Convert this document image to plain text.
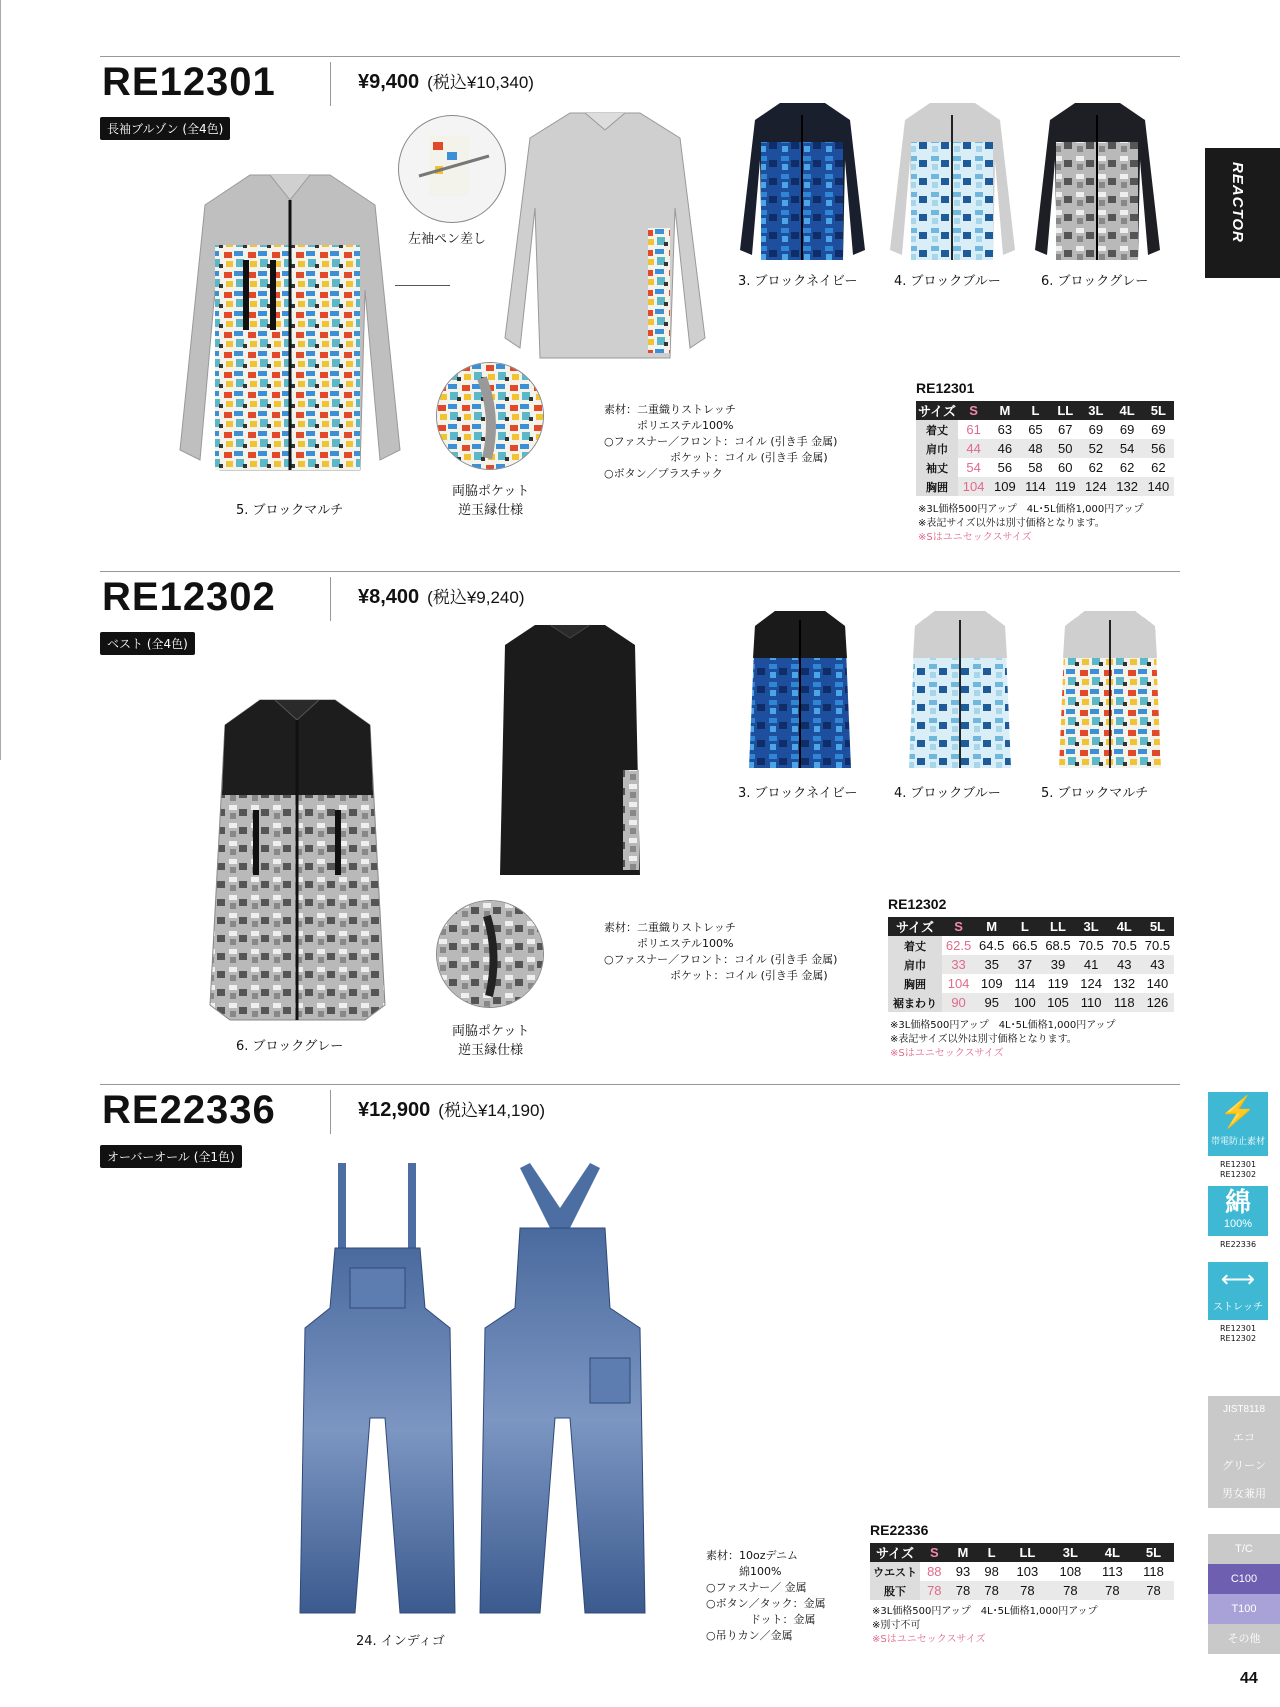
RE12301	¥9,400 (税込¥10,340)
長袖ブルゾン (全4色)
5. ブロックマルチ
左袖ペン差し
3. ブロックネイビー	4. ブロックブルー	6. ブロックグレー
両脇ポケット
逆玉縁仕様
素材：二重織りストレッチ
　　　ポリエステル100%
○ファスナー／フロント：コイル (引き手 金属)
　　　　　　ポケット：コイル (引き手 金属)
○ボタン／プラスチック
RE12301
サイズ	S	M	L	LL	3L	4L	5L
着丈	61	63	65	67	69	69	69
肩巾	44	46	48	50	52	54	56
袖丈	54	56	58	60	62	62	62
胸囲	104	109	114	119	124	132	140
※3L価格500円アップ　4L･5L価格1,000円アップ
※表記サイズ以外は別寸価格となります。
※Sはユニセックスサイズ
RE12302	¥8,400 (税込¥9,240)
ベスト (全4色)
6. ブロックグレー
3. ブロックネイビー	4. ブロックブルー	5. ブロックマルチ
両脇ポケット
逆玉縁仕様
素材：二重織りストレッチ
　　　ポリエステル100%
○ファスナー／フロント：コイル (引き手 金属)
　　　　　　ポケット：コイル (引き手 金属)
RE12302
サイズ	S	M	L	LL	3L	4L	5L
着丈	62.5	64.5	66.5	68.5	70.5	70.5	70.5
肩巾	33	35	37	39	41	43	43
胸囲	104	109	114	119	124	132	140
裾まわり	90	95	100	105	110	118	126
※3L価格500円アップ　4L･5L価格1,000円アップ
※表記サイズ以外は別寸価格となります。
※Sはユニセックスサイズ
RE22336	¥12,900 (税込¥14,190)
オーバーオール (全1色)
24. インディゴ
素材：10ozデニム
　　　綿100%
○ファスナー／ 金属
○ボタン／タック：金属
　　　　ドット：金属
○吊りカン／金属
RE22336
サイズ	S	M	L	LL	3L	4L	5L
ウエスト	88	93	98	103	108	113	118
股下	78	78	78	78	78	78	78
※3L価格500円アップ　4L･5L価格1,000円アップ
※別寸不可
※Sはユニセックスサイズ
REACTOR
⚡
帯電防止素材
RE12301
RE12302
綿
100%
RE22336
⟷
ストレッチ
RE12301
RE12302
JIST8118
エコ
グリーン
男女兼用
T/C
C100
T100
その他
44
